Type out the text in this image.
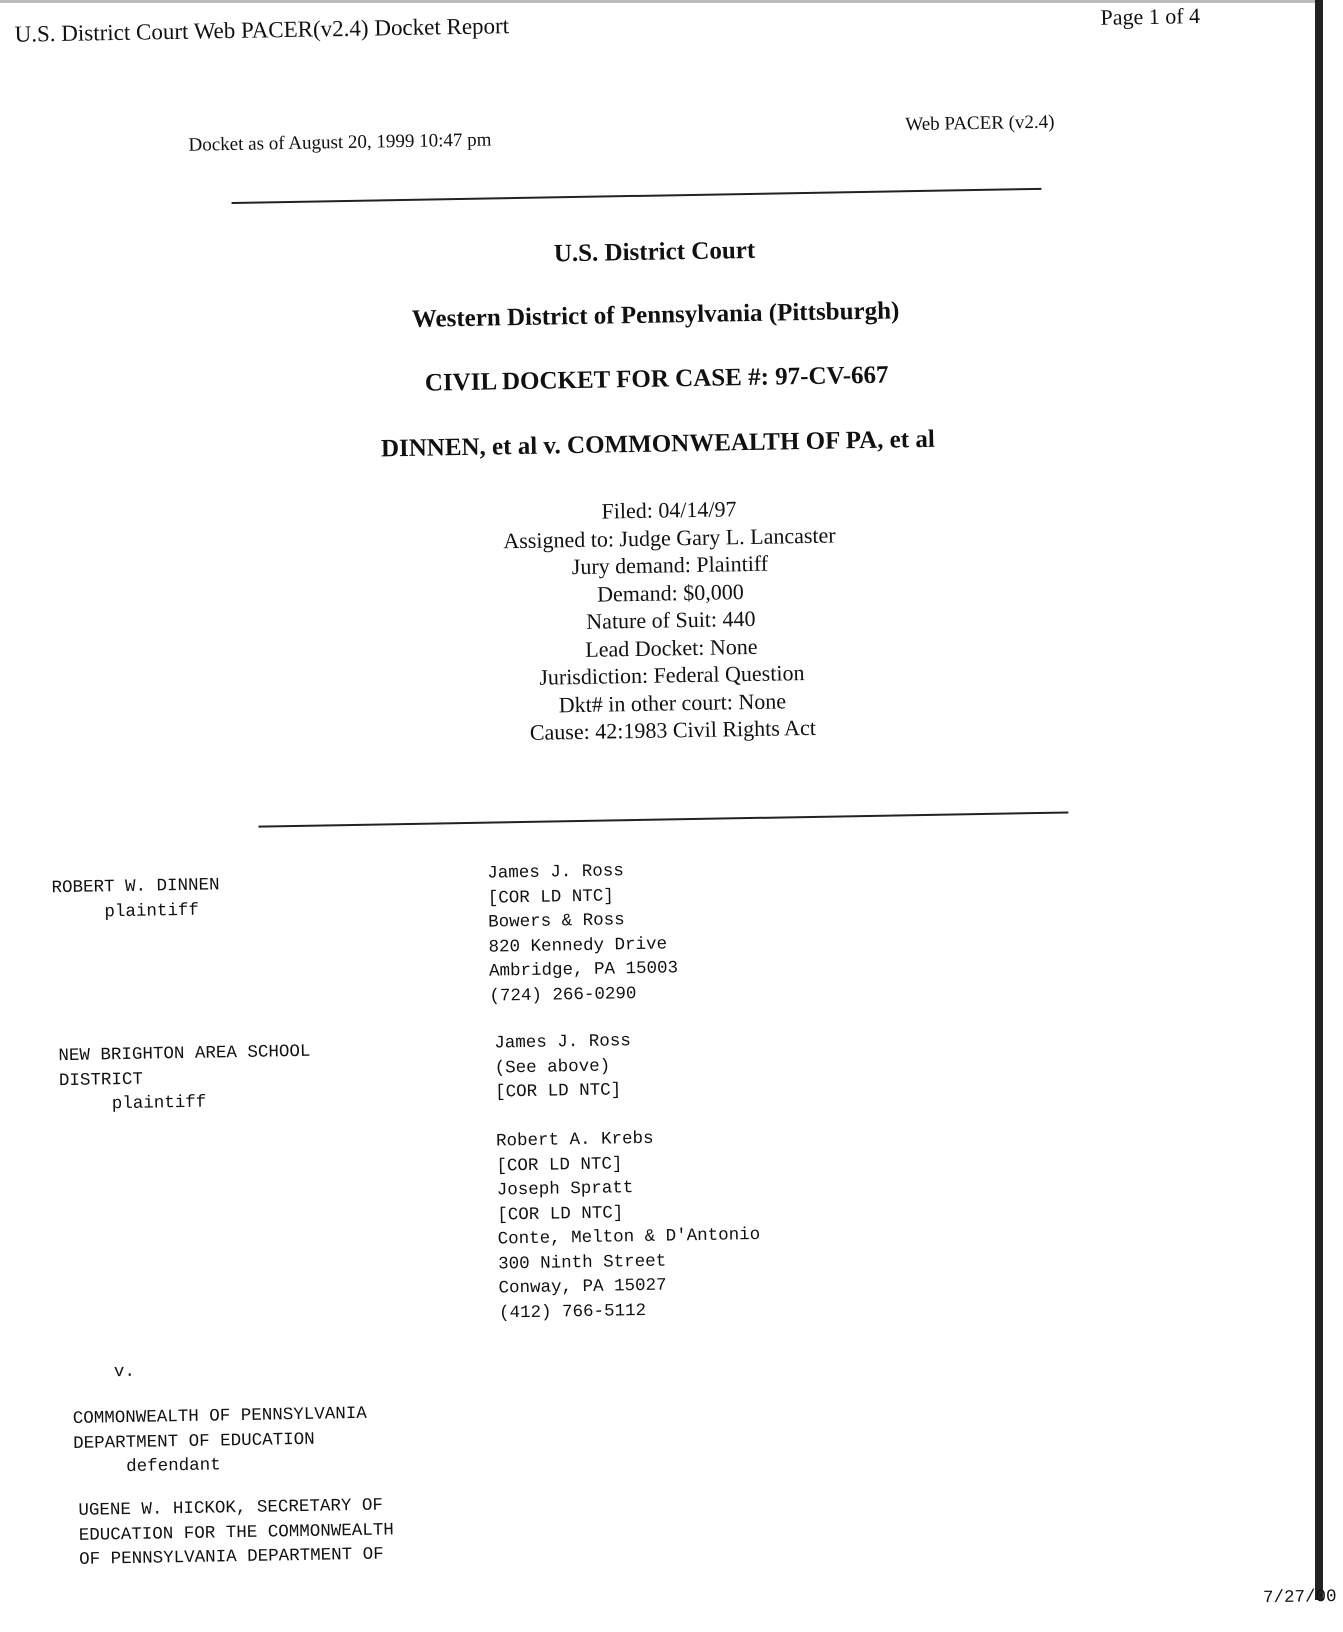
U.S. District Court Web PACER(v2.4) Docket Report	Page 1 of 4
Docket as of August 20, 1999 10:47 pm
Web PACER (v2.4)
U.S. District Court
Western District of Pennsylvania (Pittsburgh)
CIVIL DOCKET FOR CASE #: 97-CV-667
DINNEN, et al v. COMMONWEALTH OF PA, et al
Filed: 04/14/97
Assigned to: Judge Gary L. Lancaster
Jury demand: Plaintiff
Demand: $0,000
Nature of Suit: 440
Lead Docket: None
Jurisdiction: Federal Question
Dkt# in other court: None
Cause: 42:1983 Civil Rights Act
ROBERT W. DINNEN
plaintiff
James J. Ross
[COR LD NTC]
Bowers & Ross
820 Kennedy Drive
Ambridge, PA 15003
(724) 266-0290
NEW BRIGHTON AREA SCHOOL
DISTRICT
plaintiff
James J. Ross
(See above)
[COR LD NTC]

Robert A. Krebs
[COR LD NTC]
Joseph Spratt
[COR LD NTC]
Conte, Melton & D'Antonio
300 Ninth Street
Conway, PA 15027
(412) 766-5112
v.
COMMONWEALTH OF PENNSYLVANIA
DEPARTMENT OF EDUCATION
defendant
UGENE W. HICKOK, SECRETARY OF
EDUCATION FOR THE COMMONWEALTH
OF PENNSYLVANIA DEPARTMENT OF
7/27/00
